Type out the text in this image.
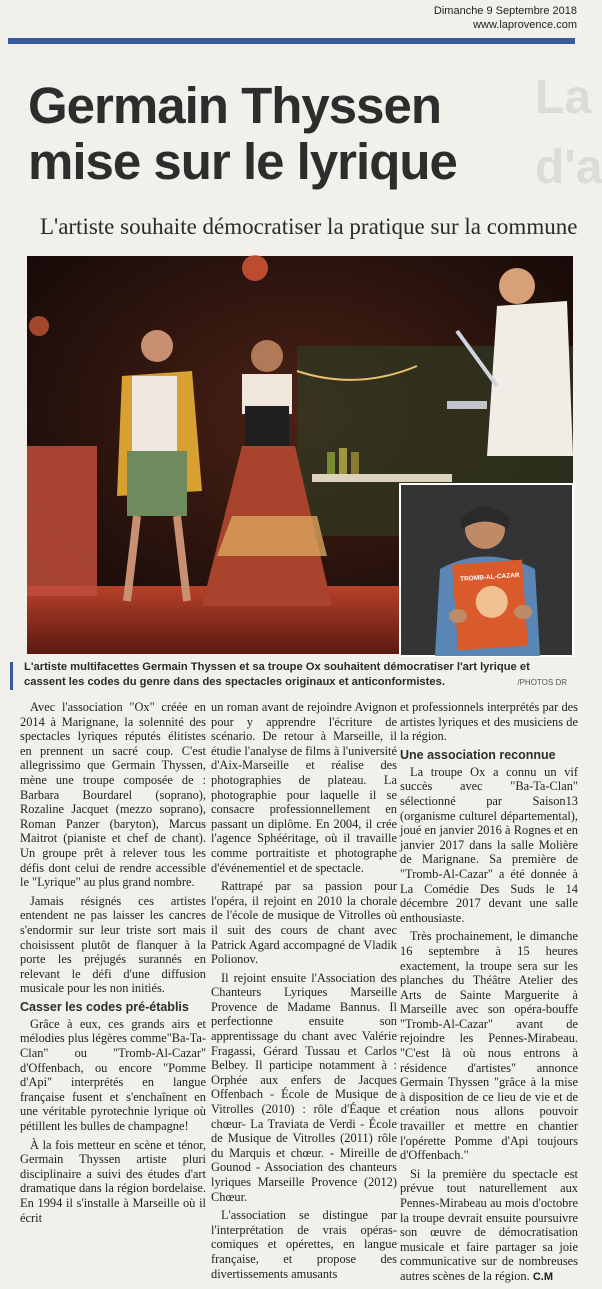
Dimanche 9 Septembre 2018
www.laprovence.com
La
d'a
Germain Thyssen
mise sur le lyrique
L'artiste souhaite démocratiser la pratique sur la commune
TROMB-AL-CAZAR
L'artiste multifacettes Germain Thyssen et sa troupe Ox souhaitent démocratiser l'art lyrique et cassent les codes du genre dans des spectacles originaux et anticonformistes.	/PHOTOS DR

Avec l'association "Ox" créée en 2014 à Marignane, la solennité des spectacles lyriques réputés élitistes en prennent un sacré coup. C'est allegrissimo que Germain Thyssen, mène une troupe composée de : Barbara Bourdarel (soprano), Rozaline Jacquet (mezzo soprano), Roman Panzer (baryton), Marcus Maitrot (pianiste et chef de chant). Un groupe prêt à relever tous les défis dont celui de rendre accessible le "Lyrique" au plus grand nombre.

Jamais résignés ces artistes entendent ne pas laisser les cancres s'endormir sur leur triste sort mais choisissent plutôt de flanquer à la porte les préjugés surannés en relevant le défi d'une diffusion musicale pour les non initiés.

Casser les codes pré-établis

Grâce à eux, ces grands airs et mélodies plus légères comme"Ba-Ta-Clan" ou "Tromb-Al-Cazar" d'Offenbach, ou encore "Pomme d'Api" interprétés en langue française fusent et s'enchaînent en une véritable pyrotechnie lyrique où pétillent les bulles de champagne!

À la fois metteur en scène et ténor, Germain Thyssen artiste pluri disciplinaire a suivi des études d'art dramatique dans la région bordelaise. En 1994 il s'installe à Marseille où il écrit

un roman avant de rejoindre Avignon pour y apprendre l'écriture de scénario. De retour à Marseille, il étudie l'analyse de films à l'université d'Aix-Marseille et réalise des photographies de plateau. La photographie pour laquelle il se consacre professionnellement en passant un diplôme. En 2004, il crée l'agence Sphééritage, où il travaille comme portraitiste et photographe d'événementiel et de spectacle.

Rattrapé par sa passion pour l'opéra, il rejoint en 2010 la chorale de l'école de musique de Vitrolles où il suit des cours de chant avec Patrick Agard accompagné de Vladik Polionov.

Il rejoint ensuite l'Association des Chanteurs Lyriques Marseille Provence de Madame Bannus. Il perfectionne ensuite son apprentissage du chant avec Valérie Fragassi, Gérard Tussau et Carlos Belbey. Il participe notamment à : Orphée aux enfers de Jacques Offenbach - École de Musique de Vitrolles (2010) : rôle d'Éaque et chœur- La Traviata de Verdi - École de Musique de Vitrolles (2011) rôle du Marquis et chœur. - Mireille de Gounod - Association des chanteurs lyriques Marseille Provence (2012) Chœur.

L'association se distingue par l'interprétation de vrais opéras-comiques et opérettes, en langue française, et propose des divertissements amusants

et professionnels interprétés par des artistes lyriques et des musiciens de la région.

Une association reconnue

La troupe Ox a connu un vif succès avec "Ba-Ta-Clan" sélectionné par Saison13 (organisme culturel départemental), joué en janvier 2016 à Rognes et en janvier 2017 dans la salle Molière de Marignane. Sa première de "Tromb-Al-Cazar" a été donnée à La Comédie Des Suds le 14 décembre 2017 devant une salle enthousiaste.

Très prochainement, le dimanche 16 septembre à 15 heures exactement, la troupe sera sur les planches du Théâtre Atelier des Arts de Sainte Marguerite à Marseille avec son opéra-bouffe "Tromb-Al-Cazar" avant de rejoindre les Pennes-Mirabeau. "C'est là où nous entrons à résidence d'artistes" annonce Germain Thyssen "grâce à la mise à disposition de ce lieu de vie et de création nous allons pouvoir travailler et mettre en chantier l'opérette Pomme d'Api toujours d'Offenbach."

Si la première du spectacle est prévue tout naturellement aux Pennes-Mirabeau au mois d'octobre la troupe devrait ensuite poursuivre son œuvre de démocratisation musicale et faire partager sa joie communicative sur de nombreuses autres scènes de la région. C.M
